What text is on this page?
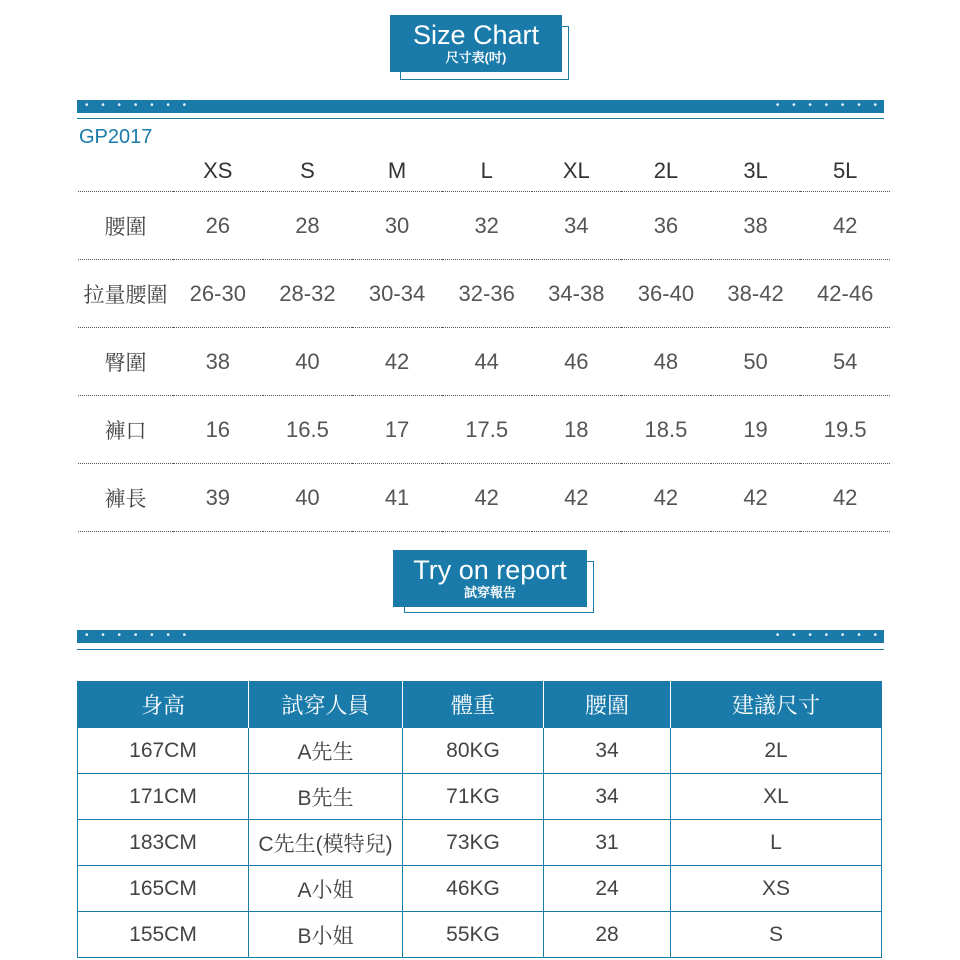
Size Chart
尺寸表(吋)
• • • • • • •	• • • • • • •
GP2017
	XS	S	M	L	XL	2L	3L	5L
腰圍	26	28	30	32	34	36	38	42
拉量腰圍	26-30	28-32	30-34	32-36	34-38	36-40	38-42	42-46
臀圍	38	40	42	44	46	48	50	54
褲口	16	16.5	17	17.5	18	18.5	19	19.5
褲長	39	40	41	42	42	42	42	42
Try on report
試穿報告
• • • • • • •	• • • • • • •
身高	試穿人員	體重	腰圍	建議尺寸
167CM	A先生	80KG	34	2L
171CM	B先生	71KG	34	XL
183CM	C先生(模特兒)	73KG	31	L
165CM	A小姐	46KG	24	XS
155CM	B小姐	55KG	28	S
